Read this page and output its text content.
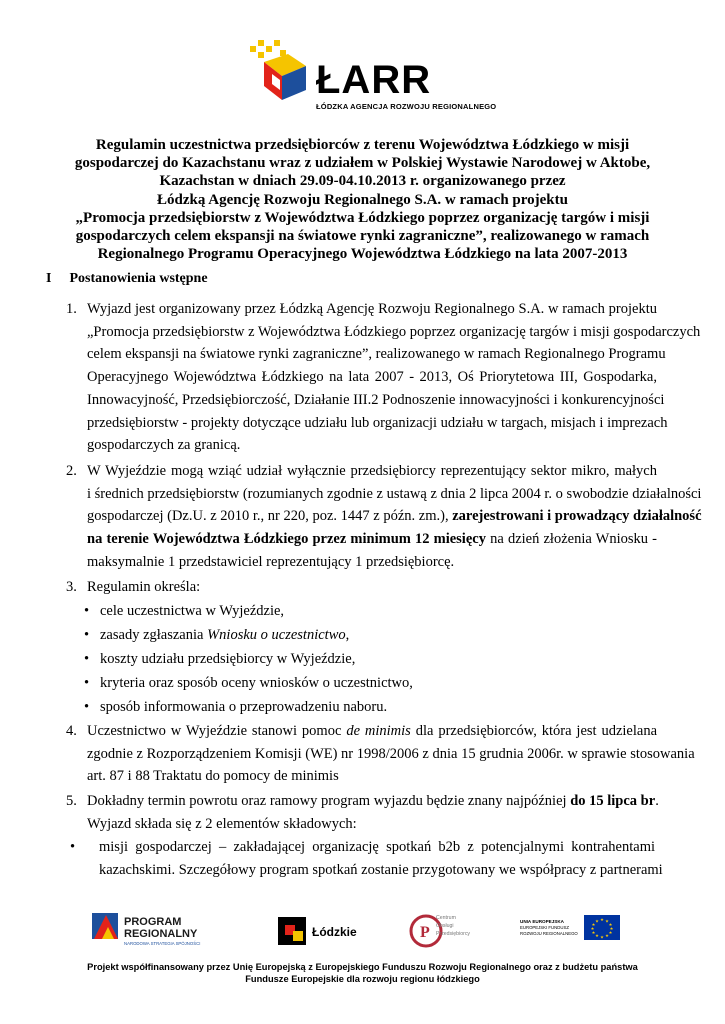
ŁARR
ŁÓDZKA AGENCJA ROZWOJU REGIONALNEGO
Regulamin uczestnictwa przedsiębiorców z terenu Województwa Łódzkiego w misji
gospodarczej do Kazachstanu wraz z udziałem w Polskiej Wystawie Narodowej w Aktobe,
Kazachstan w dniach 29.09-04.10.2013 r. organizowanego przez
Łódzką Agencję Rozwoju Regionalnego S.A. w ramach projektu
„Promocja przedsiębiorstw z Województwa Łódzkiego poprzez organizację targów i misji
gospodarczych celem ekspansji na światowe rynki zagraniczne”, realizowanego w ramach
Regionalnego Programu Operacyjnego Województwa Łódzkiego na lata 2007-2013
I Postanowienia wstępne
1. Wyjazd jest organizowany przez Łódzką Agencję Rozwoju Regionalnego S.A. w ramach projektu
„Promocja przedsiębiorstw z Województwa Łódzkiego poprzez organizację targów i misji gospodarczych
celem ekspansji na światowe rynki zagraniczne”, realizowanego w ramach Regionalnego Programu
Operacyjnego Województwa Łódzkiego na lata 2007 - 2013, Oś Priorytetowa III, Gospodarka,
Innowacyjność, Przedsiębiorczość, Działanie III.2 Podnoszenie innowacyjności i konkurencyjności
przedsiębiorstw - projekty dotyczące udziału lub organizacji udziału w targach, misjach i imprezach
gospodarczych za granicą.
2. W Wyjeździe mogą wziąć udział wyłącznie przedsiębiorcy reprezentujący sektor mikro, małych
i średnich przedsiębiorstw (rozumianych zgodnie z ustawą z dnia 2 lipca 2004 r. o swobodzie działalności
gospodarczej (Dz.U. z 2010 r., nr 220, poz. 1447 z późn. zm.), zarejestrowani i prowadzący działalność
na terenie Województwa Łódzkiego przez minimum 12 miesięcy na dzień złożenia Wniosku -
maksymalnie 1 przedstawiciel reprezentujący 1 przedsiębiorcę.
3. Regulamin określa:
• cele uczestnictwa w Wyjeździe,
• zasady zgłaszania Wniosku o uczestnictwo,
• koszty udziału przedsiębiorcy w Wyjeździe,
• kryteria oraz sposób oceny wniosków o uczestnictwo,
• sposób informowania o przeprowadzeniu naboru.
4. Uczestnictwo w Wyjeździe stanowi pomoc de minimis dla przedsiębiorców, która jest udzielana
zgodnie z Rozporządzeniem Komisji (WE) nr 1998/2006 z dnia 15 grudnia 2006r. w sprawie stosowania
art. 87 i 88 Traktatu do pomocy de minimis
5. Dokładny termin powrotu oraz ramowy program wyjazdu będzie znany najpóźniej do 15 lipca br.
Wyjazd składa się z 2 elementów składowych:
• misji gospodarczej – zakładającej organizację spotkań b2b z potencjalnymi kontrahentami
kazachskimi. Szczegółowy program spotkań zostanie przygotowany we współpracy z partnerami
PROGRAM
REGIONALNY
NARODOWA STRATEGIA SPÓJNOŚCI
Łódzkie	P
Centrum
Obsługi
Przedsiębiorcy
UNIA EUROPEJSKA
EUROPEJSKI FUNDUSZ
ROZWOJU REGIONALNEGO
★ ★
★
★
★
★
★
★
★
★
★
★
Projekt współfinansowany przez Unię Europejską z Europejskiego Funduszu Rozwoju Regionalnego oraz z budżetu państwa
Fundusze Europejskie dla rozwoju regionu łódzkiego
